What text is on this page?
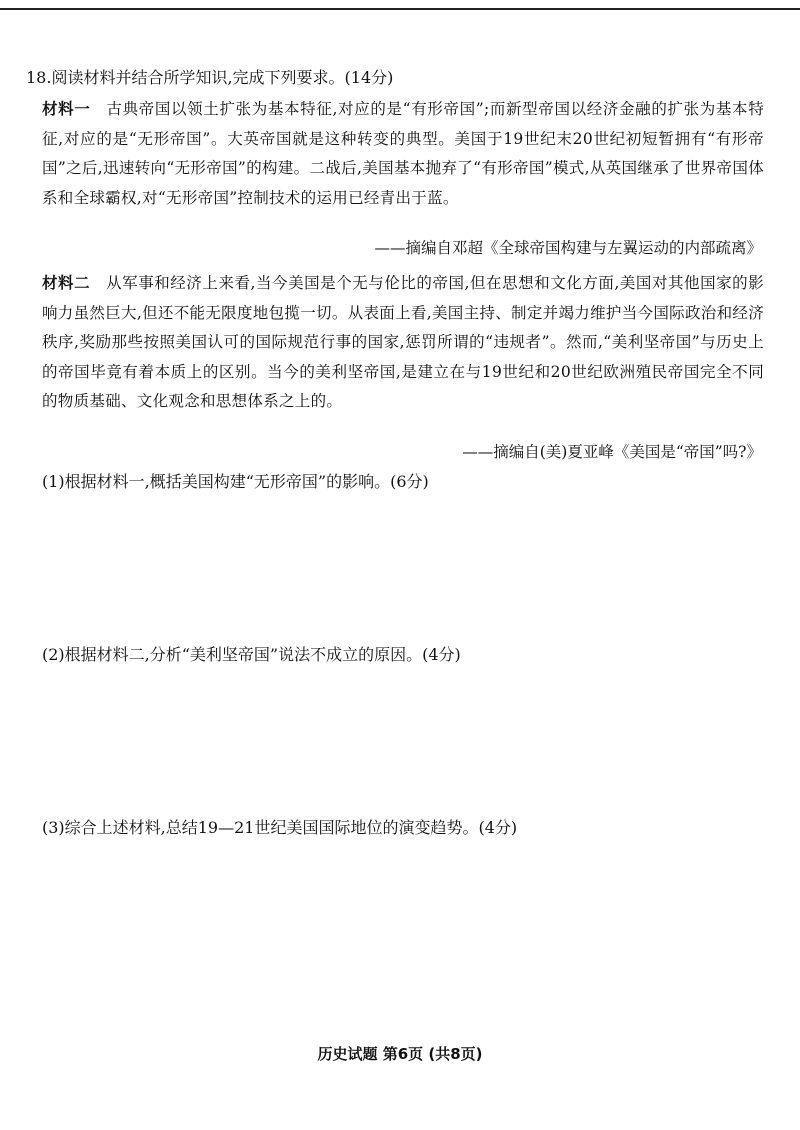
18.阅读材料并结合所学知识,完成下列要求。(14分)
材料一 古典帝国以领土扩张为基本特征,对应的是“有形帝国”;而新型帝国以经济金融的扩张为基本特征,对应的是“无形帝国”。大英帝国就是这种转变的典型。美国于19世纪末20世纪初短暂拥有“有形帝国”之后,迅速转向“无形帝国”的构建。二战后,美国基本抛弃了“有形帝国”模式,从英国继承了世界帝国体系和全球霸权,对“无形帝国”控制技术的运用已经青出于蓝。
——摘编自邓超《全球帝国构建与左翼运动的内部疏离》
材料二 从军事和经济上来看,当今美国是个无与伦比的帝国,但在思想和文化方面,美国对其他国家的影响力虽然巨大,但还不能无限度地包揽一切。从表面上看,美国主持、制定并竭力维护当今国际政治和经济秩序,奖励那些按照美国认可的国际规范行事的国家,惩罚所谓的“违规者”。然而,“美利坚帝国”与历史上的帝国毕竟有着本质上的区别。当今的美利坚帝国,是建立在与19世纪和20世纪欧洲殖民帝国完全不同的物质基础、文化观念和思想体系之上的。
——摘编自(美)夏亚峰《美国是“帝国”吗?》
(1)根据材料一,概括美国构建“无形帝国”的影响。(6分)
(2)根据材料二,分析“美利坚帝国”说法不成立的原因。(4分)
(3)综合上述材料,总结19—21世纪美国国际地位的演变趋势。(4分)
历史试题 第6页 (共8页)
